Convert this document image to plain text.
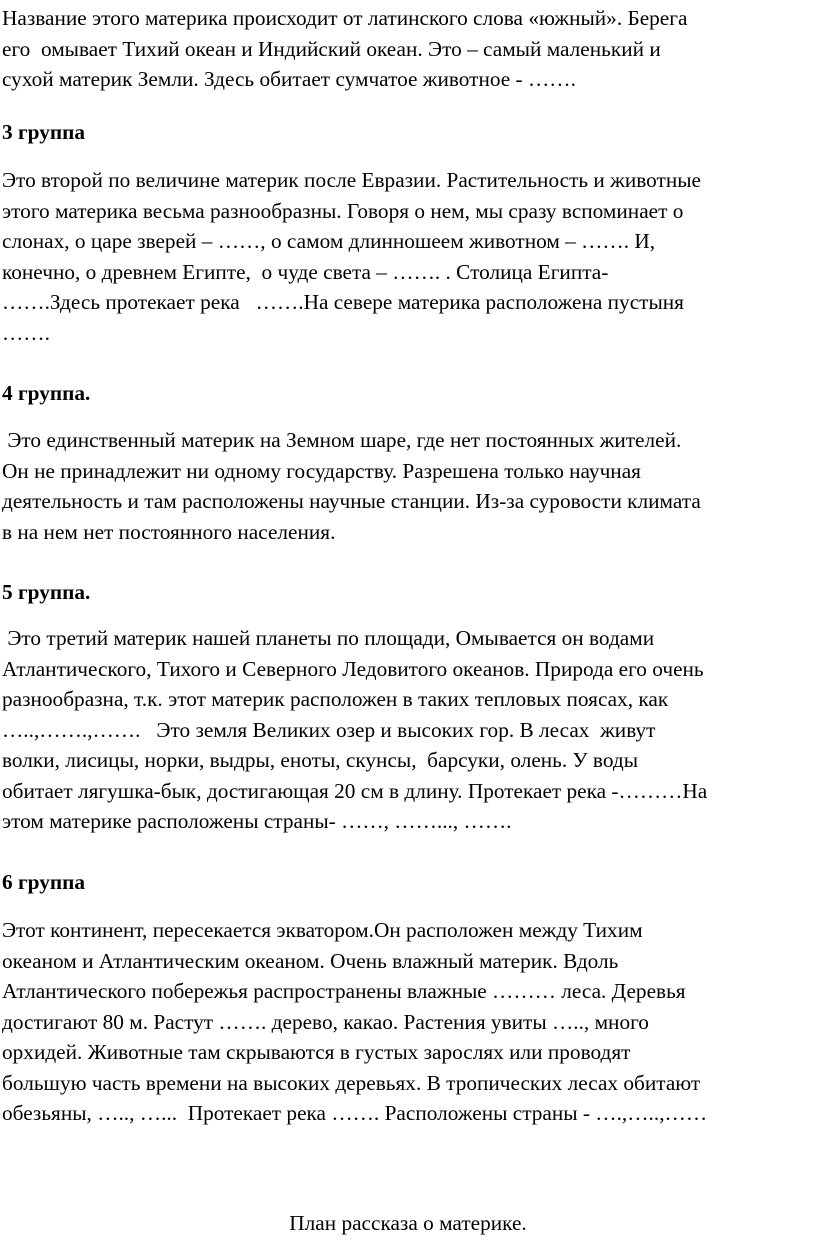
Название этого материка происходит от латинского слова «южный». Берега
его  омывает Тихий океан и Индийский океан. Это – самый маленький и
сухой материк Земли. Здесь обитает сумчатое животное - …….

3 группа

Это второй по величине материк после Евразии. Растительность и животные
этого материка весьма разнообразны. Говоря о нем, мы сразу вспоминает о
слонах, о царе зверей – ……, о самом длинношеем животном – ……. И,
конечно, о древнем Египте,  о чуде света – ……. . Столица Египта-
…….Здесь протекает река   …….На севере материка расположена пустыня
…….

4 группа.

Это единственный материк на Земном шаре, где нет постоянных жителей.
Он не принадлежит ни одному государству. Разрешена только научная
деятельность и там расположены научные станции. Из-за суровости климата
в на нем нет постоянного населения.

5 группа.

Это третий материк нашей планеты по площади, Омывается он водами
Атлантического, Тихого и Северного Ледовитого океанов. Природа его очень
разнообразна, т.к. этот материк расположен в таких тепловых поясах, как
…..,…….,…….   Это земля Великих озер и высоких гор. В лесах  живут
волки, лисицы, норки, выдры, еноты, скунсы,  барсуки, олень. У воды
обитает лягушка-бык, достигающая 20 см в длину. Протекает река -………На
этом материке расположены страны- ……, ……..., …….

6 группа

Этот континент, пересекается экватором.Он расположен между Тихим
океаном и Атлантическим океаном. Очень влажный материк. Вдоль
Атлантического побережья распространены влажные ……… леса. Деревья
достигают 80 м. Растут ……. дерево, какао. Растения увиты ….., много
орхидей. Животные там скрываются в густых зарослях или проводят
большую часть времени на высоких деревьях. В тропических лесах обитают
обезьяны, ….., …...  Протекает река ……. Расположены страны - ….,…..,……

План рассказа о материке.
